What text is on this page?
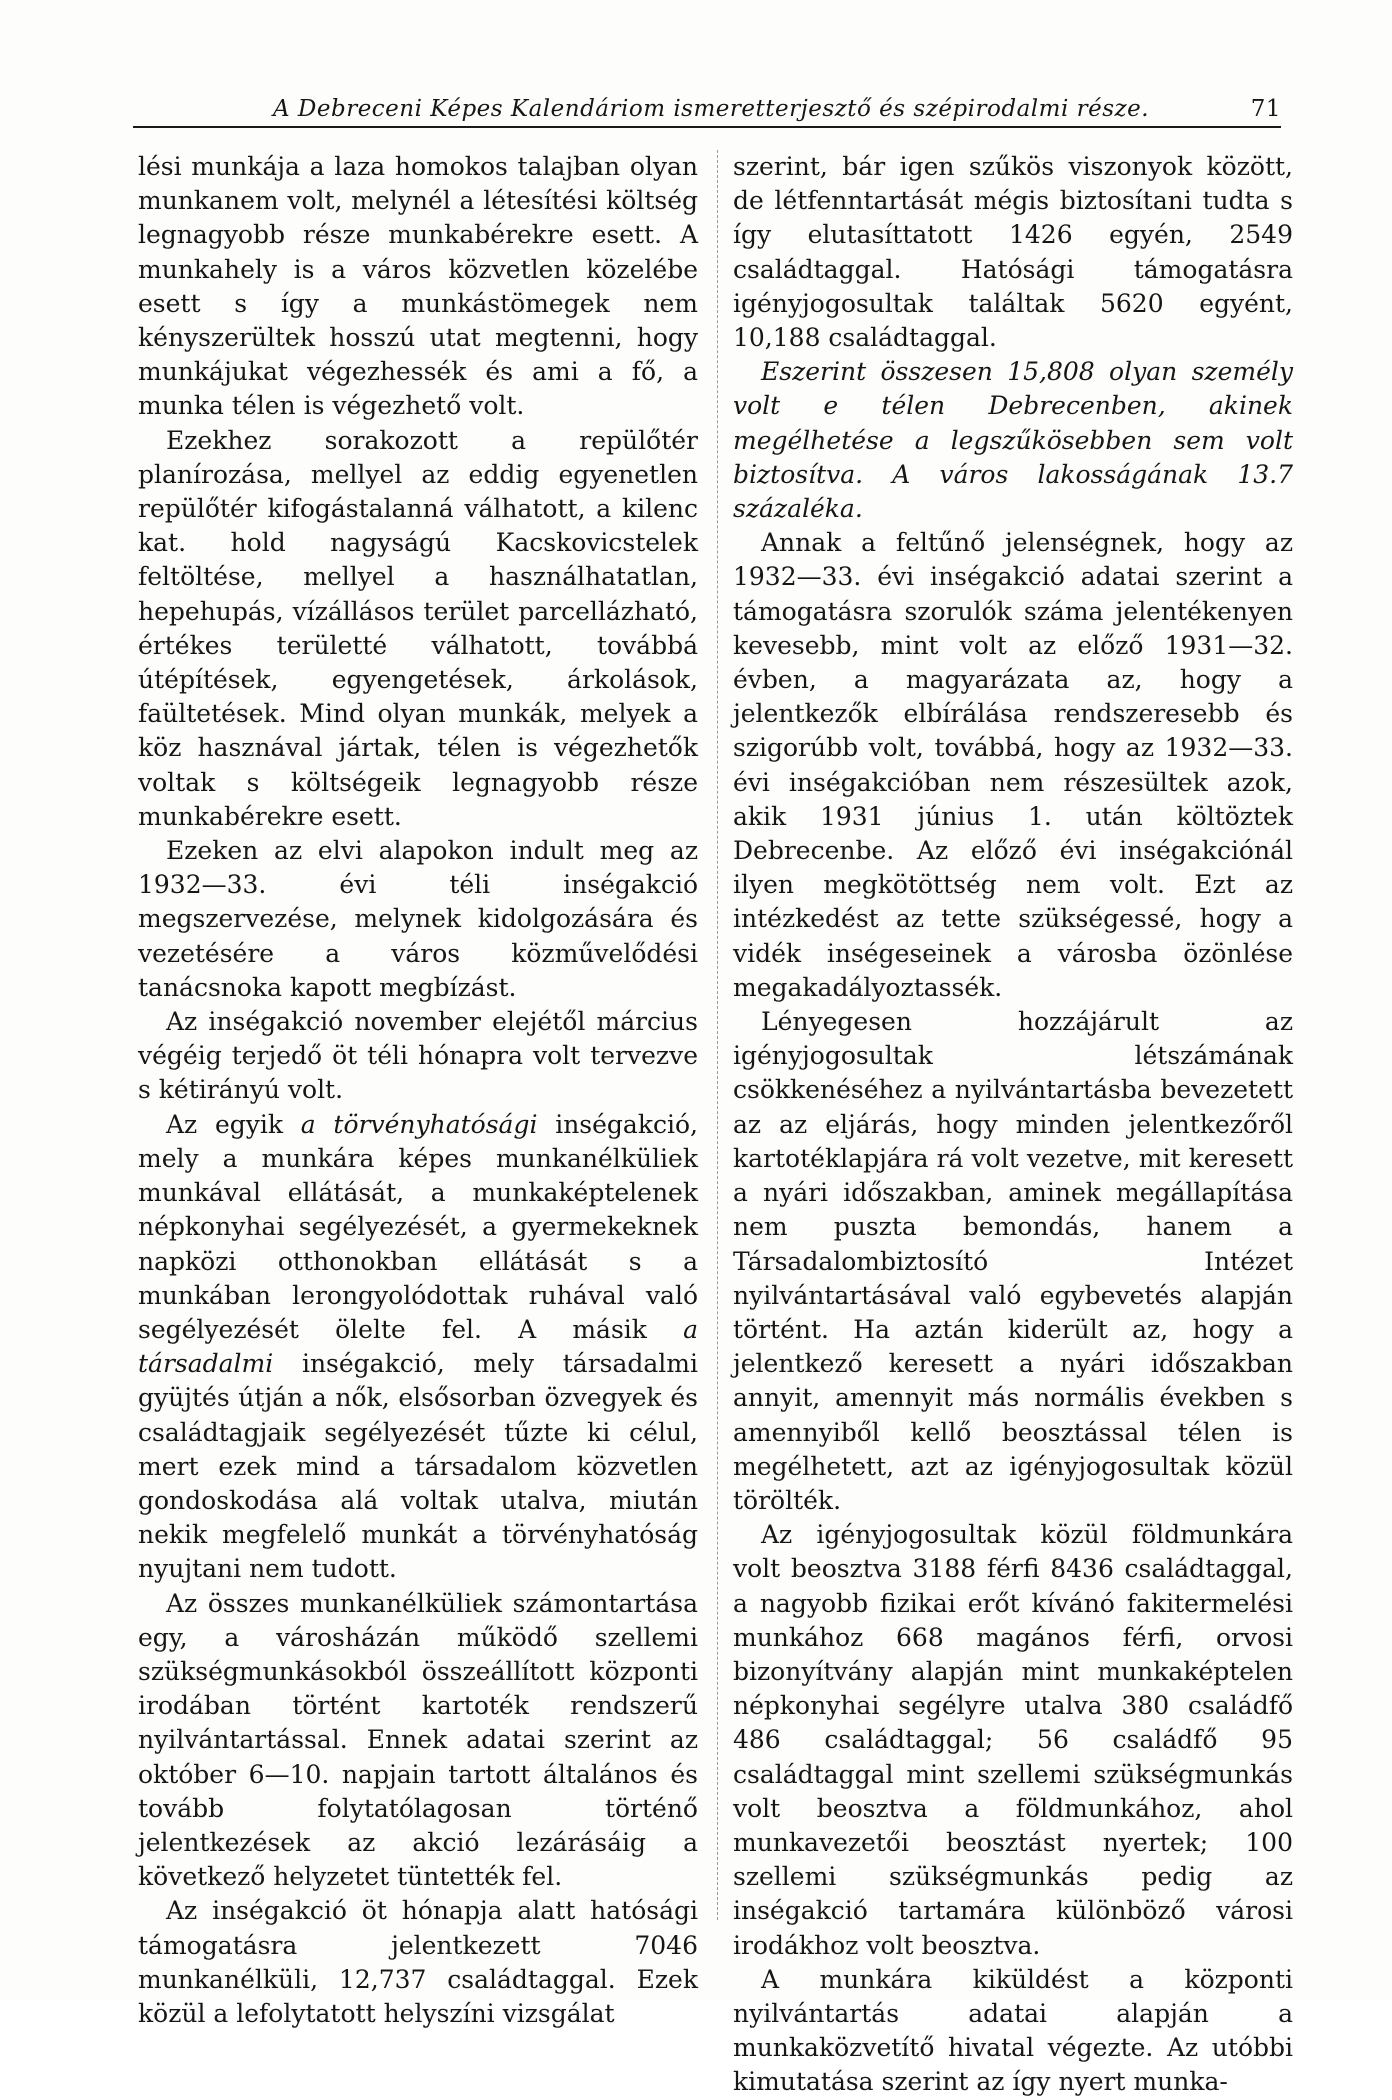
A Debreceni Képes Kalendáriom ismeretterjesztő és szépirodalmi része.	71

lési munkája a laza homokos talajban olyan munkanem volt, melynél a létesítési költség legnagyobb része munkabérekre esett. A munkahely is a város közvetlen közelébe esett s így a munkástömegek nem kényszerültek hosszú utat megtenni, hogy munkájukat végezhessék és ami a fő, a munka télen is végezhető volt.

Ezekhez sorakozott a repülőtér planírozása, mellyel az eddig egyenetlen repülőtér kifogástalanná válhatott, a kilenc kat. hold nagyságú Kacskovicstelek feltöltése, mellyel a használhatatlan, hepehupás, vízállásos terület parcellázható, értékes területté válhatott, továbbá útépítések, egyengetések, árkolások, faültetések. Mind olyan munkák, melyek a köz hasznával jártak, télen is végezhetők voltak s költségeik legnagyobb része munkabérekre esett.

Ezeken az elvi alapokon indult meg az 1932—33. évi téli inségakció megszervezése, melynek kidolgozására és vezetésére a város közművelődési tanácsnoka kapott megbízást.

Az inségakció november elejétől március végéig terjedő öt téli hónapra volt tervezve s kétirányú volt.

Az egyik a törvényhatósági inségakció, mely a munkára képes munkanélküliek munkával ellátását, a munkaképtelenek népkonyhai segélyezését, a gyermekeknek napközi otthonokban ellátását s a munkában lerongyolódottak ruhával való segélyezését ölelte fel. A másik a társadalmi inségakció, mely társadalmi gyüjtés útján a nők, elsősorban özvegyek és családtagjaik segélyezését tűzte ki célul, mert ezek mind a társadalom közvetlen gondoskodása alá voltak utalva, miután nekik megfelelő munkát a törvényhatóság nyujtani nem tudott.

Az összes munkanélküliek számontartása egy, a városházán működő szellemi szükségmunkásokból összeállított központi irodában történt kartoték rendszerű nyilvántartással. Ennek adatai szerint az október 6—10. napjain tartott általános és tovább folytatólagosan történő jelentkezések az akció lezárásáig a következő helyzetet tüntették fel.

Az inségakció öt hónapja alatt hatósági támogatásra jelentkezett 7046 munkanélküli, 12,737 családtaggal. Ezek közül a lefolytatott helyszíni vizsgálat

szerint, bár igen szűkös viszonyok között, de létfenntartását mégis biztosítani tudta s így elutasíttatott 1426 egyén, 2549 családtaggal. Hatósági támogatásra igényjogosultak találtak 5620 egyént, 10,188 családtaggal.

Eszerint összesen 15,808 olyan személy volt e télen Debrecenben, akinek megélhetése a legszűkösebben sem volt biztosítva. A város lakosságának 13.7 százaléka.

Annak a feltűnő jelenségnek, hogy az 1932—33. évi inségakció adatai szerint a támogatásra szorulók száma jelentékenyen kevesebb, mint volt az előző 1931—32. évben, a magyarázata az, hogy a jelentkezők elbírálása rendszeresebb és szigorúbb volt, továbbá, hogy az 1932—33. évi inségakcióban nem részesültek azok, akik 1931 június 1. után költöztek Debrecenbe. Az előző évi inségakciónál ilyen megkötöttség nem volt. Ezt az intézkedést az tette szükségessé, hogy a vidék inségeseinek a városba özönlése megakadályoztassék.

Lényegesen hozzájárult az igényjogosultak létszámának csökkenéséhez a nyilvántartásba bevezetett az az eljárás, hogy minden jelentkezőről kartotéklapjára rá volt vezetve, mit keresett a nyári időszakban, aminek megállapítása nem puszta bemondás, hanem a Társadalombiztosító Intézet nyilvántartásával való egybevetés alapján történt. Ha aztán kiderült az, hogy a jelentkező keresett a nyári időszakban annyit, amennyit más normális években s amennyiből kellő beosztással télen is megélhetett, azt az igényjogosultak közül törölték.

Az igényjogosultak közül földmunkára volt beosztva 3188 férfi 8436 családtaggal, a nagyobb fizikai erőt kívánó fakitermelési munkához 668 magános férfi, orvosi bizonyítvány alapján mint munkaképtelen népkonyhai segélyre utalva 380 családfő 486 családtaggal; 56 családfő 95 családtaggal mint szellemi szükségmunkás volt beosztva a földmunkához, ahol munkavezetői beosztást nyertek; 100 szellemi szükségmunkás pedig az inségakció tartamára különböző városi irodákhoz volt beosztva.

A munkára kiküldést a központi nyilvántartás adatai alapján a munkaközvetítő hivatal végezte. Az utóbbi kimutatása szerint az így nyert munka-
